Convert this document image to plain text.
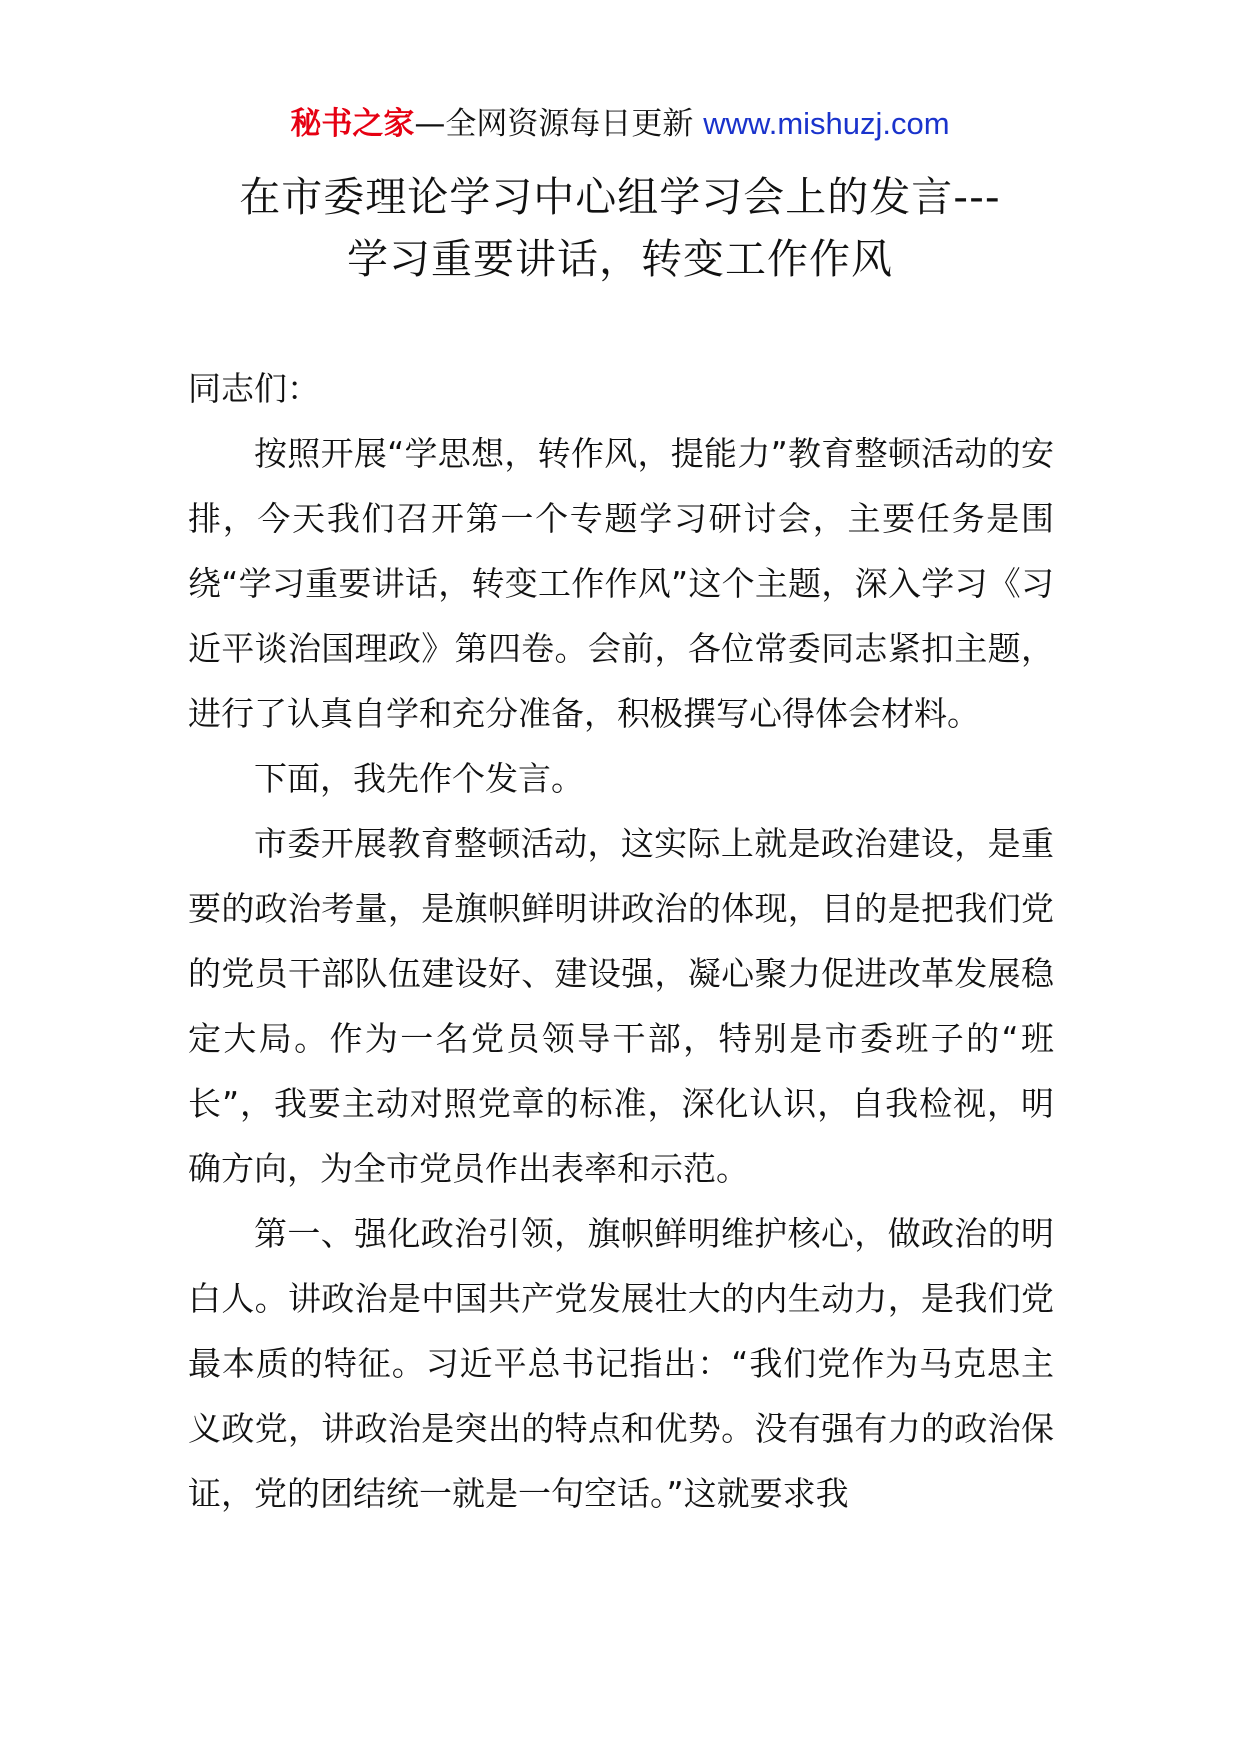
秘书之家—全网资源每日更新 www.mishuzj.com
在市委理论学习中心组学习会上的发言---
学习重要讲话，转变工作作风

同志们：

按照开展“学思想，转作风，提能力”教育整顿活动的安排，今天我们召开第一个专题学习研讨会，主要任务是围绕“学习重要讲话，转变工作作风”这个主题，深入学习《习近平谈治国理政》第四卷。会前，各位常委同志紧扣主题，进行了认真自学和充分准备，积极撰写心得体会材料。

下面，我先作个发言。

市委开展教育整顿活动，这实际上就是政治建设，是重要的政治考量，是旗帜鲜明讲政治的体现，目的是把我们党的党员干部队伍建设好、建设强，凝心聚力促进改革发展稳定大局。作为一名党员领导干部，特别是市委班子的“班长”，我要主动对照党章的标准，深化认识，自我检视，明确方向，为全市党员作出表率和示范。

第一、强化政治引领，旗帜鲜明维护核心，做政治的明白人。讲政治是中国共产党发展壮大的内生动力，是我们党最本质的特征。习近平总书记指出：“我们党作为马克思主义政党，讲政治是突出的特点和优势。没有强有力的政治保证，党的团结统一就是一句空话。”这就要求我
